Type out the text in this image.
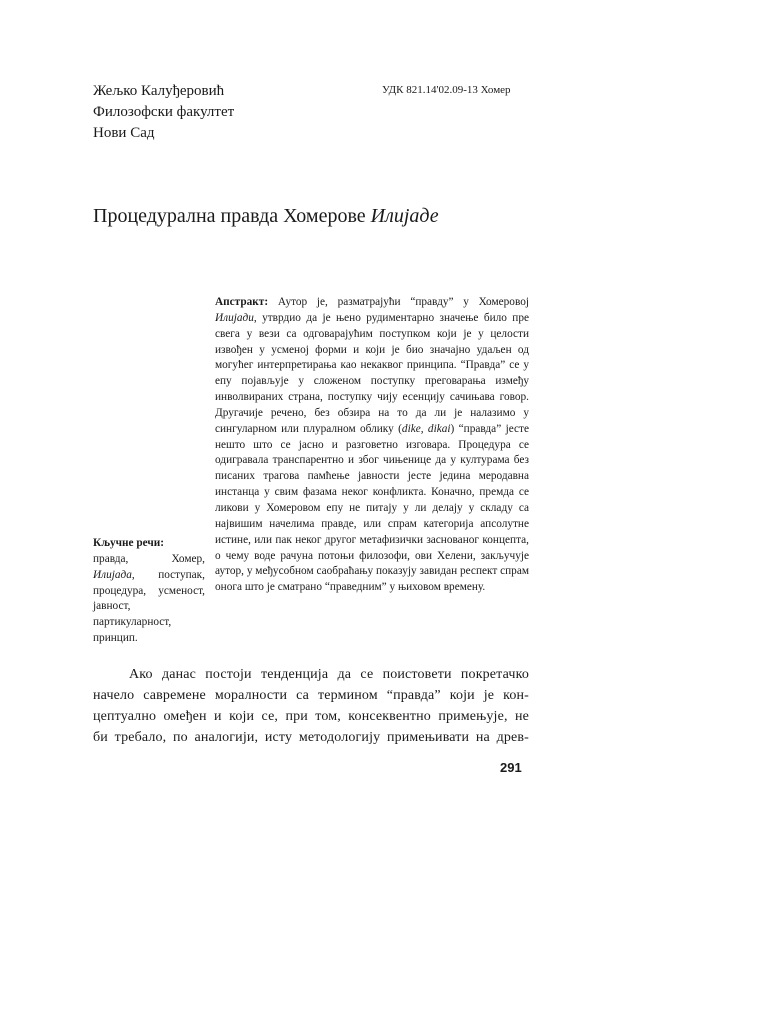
Жељко Калуђеровић
Филозофски факултет
Нови Сад
УДК 821.14'02.09-13 Хомер
Процедурална правда Хомерове Илијаде

Апстракт: Аутор је, разматрајући “правду” у Хомеровој Илијади, утврдио да је њено рудиментарно значење било пре свега у вези са одговарајућим поступком који је у целости извођен у усменој форми и који је био значајно удаљен од могућег интерпретирања као некаквог принципа. “Правда” се у епу појављује у сложеном поступку преговарања између инволвираних страна, поступку чију есенцију сачињава говор. Другачије речено, без обзира на то да ли је налазимо у сингуларном или плуралном облику (dike, dikai) “правда” јесте нешто што се јасно и разговетно изговара. Процедура се одигравала транспарентно и због чињенице да у културама без писаних трагова памћење јавности јесте једина меродавна инстанца у свим фазама неког конфликта. Коначно, премда се ликови у Хомеровом епу не питају у ли делају у складу са највишим начелима правде, или спрам категорија апсолутне истине, или пак неког другог метафизички заснованог концепта, о чему воде рачуна потоњи филозофи, ови Хелени, закључује аутор, у међусобном саобраћању показују завидан респект спрам онога што је сматрано “праведним” у њиховом времену.

Кључне речи:
правда, Хомер, Илијада, поступак, процедура, усменост, јавност, партикуларност, принцип.
Ако данас постоји тенденција да се поистовети покретачко
начело савремене моралности са термином “правда” који је кон-
цептуално омеђен и који се, при том, консеквентно примењује, не
би требало, по аналогији, исту методологију примењивати на древ-
291
